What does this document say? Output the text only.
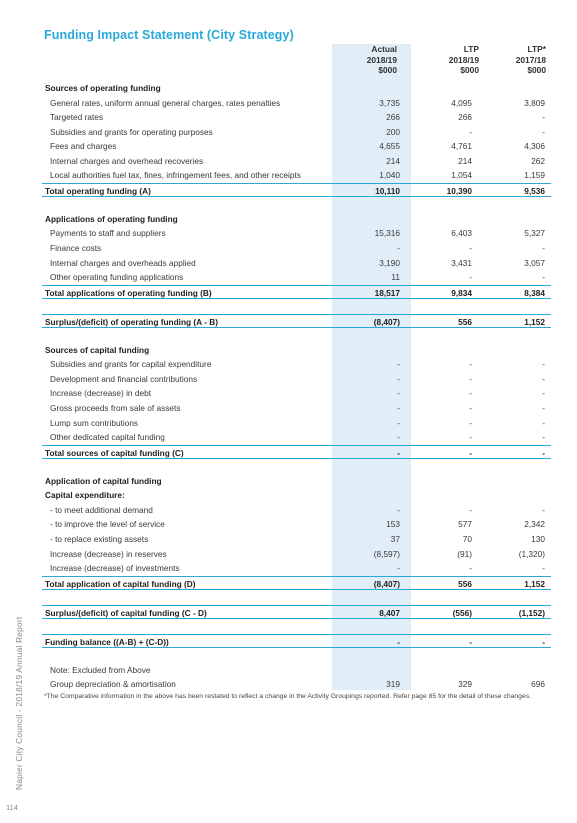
Funding Impact Statement (City Strategy)
Actual
2018/19
$000
LTP
2018/19
$000
LTP*
2017/18
$000
Sources of operating funding
General rates, uniform annual general charges, rates penalties	3,735	4,095	3,809
Targeted rates	266	266	-
Subsidies and grants for operating purposes	200	-	-
Fees and charges	4,655	4,761	4,306
Internal charges and overhead recoveries	214	214	262
Local authorities fuel tax, fines, infringement fees, and other receipts	1,040	1,054	1,159
Total operating funding (A)	10,110	10,390	9,536
Applications of operating funding
Payments to staff and suppliers	15,316	6,403	5,327
Finance costs	-	-	-
Internal charges and overheads applied	3,190	3,431	3,057
Other operating funding applications	11	-	-
Total applications of operating funding (B)	18,517	9,834	8,384
Surplus/(deficit) of operating funding (A - B)	(8,407)	556	1,152
Sources of capital funding
Subsidies and grants for capital expenditure	-	-	-
Development and financial contributions	-	-	-
Increase (decrease) in debt	-	-	-
Gross proceeds from sale of assets	-	-	-
Lump sum contributions	-	-	-
Other dedicated capital funding	-	-	-
Total sources of capital funding (C)	-	-	-
Application of capital funding
Capital expenditure:
- to meet additional demand	-	-	-
- to improve the level of service	153	577	2,342
- to replace existing assets	37	70	130
Increase (decrease) in reserves	(8,597)	(91)	(1,320)
Increase (decrease) of investments	-	-	-
Total application of capital funding (D)	(8,407)	556	1,152
Surplus/(deficit) of capital funding (C - D)	8,407	(556)	(1,152)
Funding balance ((A-B) + (C-D))	-	-	-
Note: Excluded from Above
Group depreciation & amortisation	319	329	696
*The Comparative information in the above has been restated to reflect a change in the Activity Groupings reported. Refer page 85 for the detail of these changes.
Napier City Council - 2018/19 Annual Report
114
